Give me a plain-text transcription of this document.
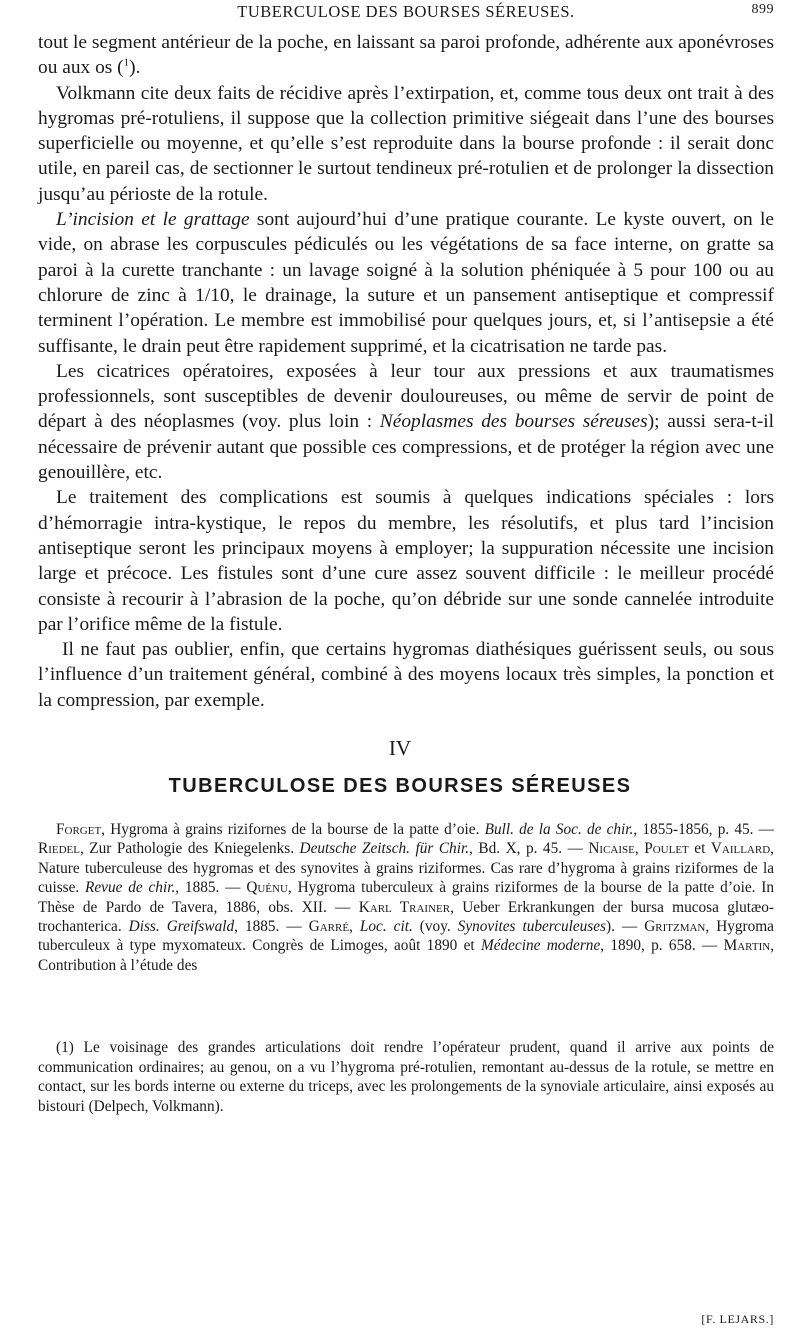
TUBERCULOSE DES BOURSES SÉREUSES.	899

tout le segment antérieur de la poche, en laissant sa paroi profonde, adhérente aux aponévroses ou aux os ($^1$).

Volkmann cite deux faits de récidive après l’extirpation, et, comme tous deux ont trait à des hygromas pré-rotuliens, il suppose que la collection primitive siégeait dans l’une des bourses superficielle ou moyenne, et qu’elle s’est reproduite dans la bourse profonde : il serait donc utile, en pareil cas, de sectionner le surtout tendineux pré-rotulien et de prolonger la dissection jusqu’au périoste de la rotule.

L’incision et le grattage sont aujourd’hui d’une pratique courante. Le kyste ouvert, on le vide, on abrase les corpuscules pédiculés ou les végétations de sa face interne, on gratte sa paroi à la curette tranchante : un lavage soigné à la solution phéniquée à 5 pour 100 ou au chlorure de zinc à 1/10, le drainage, la suture et un pansement antiseptique et compressif terminent l’opération. Le membre est immobilisé pour quelques jours, et, si l’antisepsie a été suffisante, le drain peut être rapidement supprimé, et la cicatrisation ne tarde pas.

Les cicatrices opératoires, exposées à leur tour aux pressions et aux traumatismes professionnels, sont susceptibles de devenir douloureuses, ou même de servir de point de départ à des néoplasmes (voy. plus loin : Néoplasmes des bourses séreuses); aussi sera-t-il nécessaire de prévenir autant que possible ces compressions, et de protéger la région avec une genouillère, etc.

Le traitement des complications est soumis à quelques indications spéciales : lors d’hémorragie intra-kystique, le repos du membre, les résolutifs, et plus tard l’incision antiseptique seront les principaux moyens à employer; la suppuration nécessite une incision large et précoce. Les fistules sont d’une cure assez souvent difficile : le meilleur procédé consiste à recourir à l’abrasion de la poche, qu’on débride sur une sonde cannelée introduite par l’orifice même de la fistule.

Il ne faut pas oublier, enfin, que certains hygromas diathésiques guérissent seuls, ou sous l’influence d’un traitement général, combiné à des moyens locaux très simples, la ponction et la compression, par exemple.

IV
TUBERCULOSE DES BOURSES SÉREUSES
Forget, Hygroma à grains rizifornes de la bourse de la patte d’oie. Bull. de la Soc. de chir., 1855-1856, p. 45. — Riedel, Zur Pathologie des Kniegelenks. Deutsche Zeitsch. für Chir., Bd. X, p. 45. — Nicaise, Poulet et Vaillard, Nature tuberculeuse des hygromas et des synovites à grains riziformes. Cas rare d’hygroma à grains riziformes de la cuisse. Revue de chir., 1885. — Quénu, Hygroma tuberculeux à grains riziformes de la bourse de la patte d’oie. In Thèse de Pardo de Tavera, 1886, obs. XII. — Karl Trainer, Ueber Erkrankungen der bursa mucosa glutæo-trochanterica. Diss. Greifswald, 1885. — Garré, Loc. cit. (voy. Synovites tuberculeuses). — Gritzman, Hygroma tuberculeux à type myxomateux. Congrès de Limoges, août 1890 et Médecine moderne, 1890, p. 658. — Martin, Contribution à l’étude des
(1) Le voisinage des grandes articulations doit rendre l’opérateur prudent, quand il arrive aux points de communication ordinaires; au genou, on a vu l’hygroma pré-rotulien, remontant au-dessus de la rotule, se mettre en contact, sur les bords interne ou externe du triceps, avec les prolongements de la synoviale articulaire, ainsi exposés au bistouri (Delpech, Volkmann).
[F. LEJARS.]
